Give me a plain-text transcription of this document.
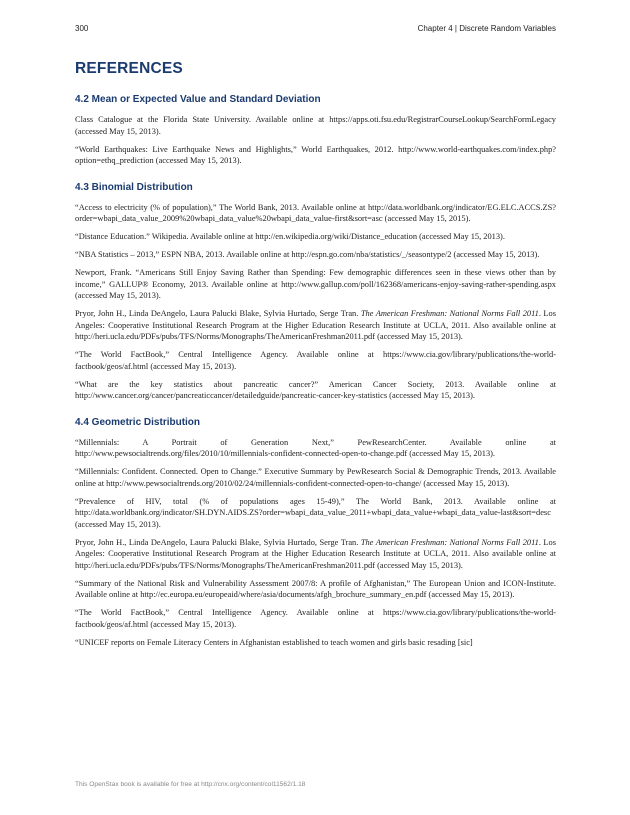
300	Chapter 4 | Discrete Random Variables
REFERENCES
4.2 Mean or Expected Value and Standard Deviation

Class Catalogue at the Florida State University. Available online at https://apps.oti.fsu.edu/RegistrarCourseLookup/SearchFormLegacy (accessed May 15, 2013).

“World Earthquakes: Live Earthquake News and Highlights,” World Earthquakes, 2012. http://www.world-earthquakes.com/index.php?option=ethq_prediction (accessed May 15, 2013).

4.3 Binomial Distribution

“Access to electricity (% of population),” The World Bank, 2013. Available online at http://data.worldbank.org/indicator/EG.ELC.ACCS.ZS?order=wbapi_data_value_2009%20wbapi_data_value%20wbapi_data_value-first&sort=asc (accessed May 15, 2015).

“Distance Education.” Wikipedia. Available online at http://en.wikipedia.org/wiki/Distance_education (accessed May 15, 2013).

“NBA Statistics – 2013,” ESPN NBA, 2013. Available online at http://espn.go.com/nba/statistics/_/seasontype/2 (accessed May 15, 2013).

Newport, Frank. “Americans Still Enjoy Saving Rather than Spending: Few demographic differences seen in these views other than by income,” GALLUP® Economy, 2013. Available online at http://www.gallup.com/poll/162368/americans-enjoy-saving-rather-spending.aspx (accessed May 15, 2013).

Pryor, John H., Linda DeAngelo, Laura Palucki Blake, Sylvia Hurtado, Serge Tran. The American Freshman: National Norms Fall 2011. Los Angeles: Cooperative Institutional Research Program at the Higher Education Research Institute at UCLA, 2011. Also available online at http://heri.ucla.edu/PDFs/pubs/TFS/Norms/Monographs/TheAmericanFreshman2011.pdf (accessed May 15, 2013).

“The World FactBook,” Central Intelligence Agency. Available online at https://www.cia.gov/library/publications/the-world-factbook/geos/af.html (accessed May 15, 2013).

“What are the key statistics about pancreatic cancer?” American Cancer Society, 2013. Available online at http://www.cancer.org/cancer/pancreaticcancer/detailedguide/pancreatic-cancer-key-statistics (accessed May 15, 2013).

4.4 Geometric Distribution

“Millennials: A Portrait of Generation Next,” PewResearchCenter. Available online at http://www.pewsocialtrends.org/files/2010/10/millennials-confident-connected-open-to-change.pdf (accessed May 15, 2013).

“Millennials: Confident. Connected. Open to Change.” Executive Summary by PewResearch Social & Demographic Trends, 2013. Available online at http://www.pewsocialtrends.org/2010/02/24/millennials-confident-connected-open-to-change/ (accessed May 15, 2013).

“Prevalence of HIV, total (% of populations ages 15-49),” The World Bank, 2013. Available online at http://data.worldbank.org/indicator/SH.DYN.AIDS.ZS?order=wbapi_data_value_2011+wbapi_data_value+wbapi_data_value-last&sort=desc (accessed May 15, 2013).

Pryor, John H., Linda DeAngelo, Laura Palucki Blake, Sylvia Hurtado, Serge Tran. The American Freshman: National Norms Fall 2011. Los Angeles: Cooperative Institutional Research Program at the Higher Education Research Institute at UCLA, 2011. Also available online at http://heri.ucla.edu/PDFs/pubs/TFS/Norms/Monographs/TheAmericanFreshman2011.pdf (accessed May 15, 2013).

“Summary of the National Risk and Vulnerability Assessment 2007/8: A profile of Afghanistan,” The European Union and ICON-Institute. Available online at http://ec.europa.eu/europeaid/where/asia/documents/afgh_brochure_summary_en.pdf (accessed May 15, 2013).

“The World FactBook,” Central Intelligence Agency. Available online at https://www.cia.gov/library/publications/the-world-factbook/geos/af.html (accessed May 15, 2013).

“UNICEF reports on Female Literacy Centers in Afghanistan established to teach women and girls basic resading [sic]

This OpenStax book is available for free at http://cnx.org/content/col11562/1.18
